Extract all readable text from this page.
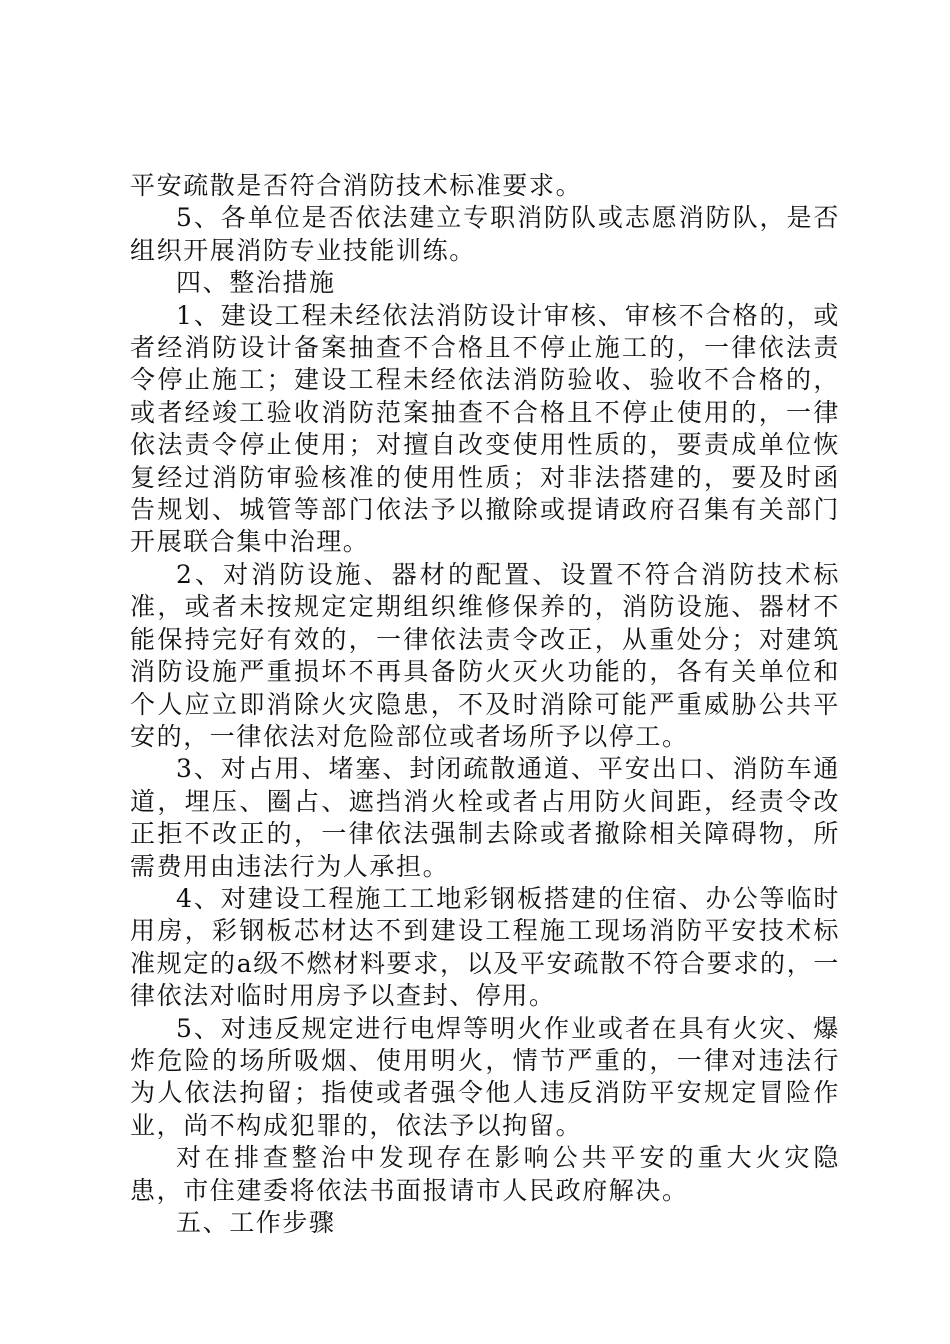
平安疏散是否符合消防技术标准要求。

5、各单位是否依法建立专职消防队或志愿消防队，是否组织开展消防专业技能训练。

四、整治措施

1、建设工程未经依法消防设计审核、审核不合格的，或者经消防设计备案抽查不合格且不停止施工的，一律依法责令停止施工；建设工程未经依法消防验收、验收不合格的，或者经竣工验收消防范案抽查不合格且不停止使用的，一律依法责令停止使用；对擅自改变使用性质的，要责成单位恢复经过消防审验核准的使用性质；对非法搭建的，要及时函告规划、城管等部门依法予以撤除或提请政府召集有关部门开展联合集中治理。

2、对消防设施、器材的配置、设置不符合消防技术标准，或者未按规定定期组织维修保养的，消防设施、器材不能保持完好有效的，一律依法责令改正，从重处分；对建筑消防设施严重损坏不再具备防火灭火功能的，各有关单位和个人应立即消除火灾隐患，不及时消除可能严重威胁公共平安的，一律依法对危险部位或者场所予以停工。

3、对占用、堵塞、封闭疏散通道、平安出口、消防车通道，埋压、圈占、遮挡消火栓或者占用防火间距，经责令改正拒不改正的，一律依法强制去除或者撤除相关障碍物，所需费用由违法行为人承担。

4、对建设工程施工工地彩钢板搭建的住宿、办公等临时用房，彩钢板芯材达不到建设工程施工现场消防平安技术标准规定的a级不燃材料要求，以及平安疏散不符合要求的，一律依法对临时用房予以查封、停用。

5、对违反规定进行电焊等明火作业或者在具有火灾、爆炸危险的场所吸烟、使用明火，情节严重的，一律对违法行为人依法拘留；指使或者强令他人违反消防平安规定冒险作业，尚不构成犯罪的，依法予以拘留。

对在排查整治中发现存在影响公共平安的重大火灾隐患，市住建委将依法书面报请市人民政府解决。

五、工作步骤
